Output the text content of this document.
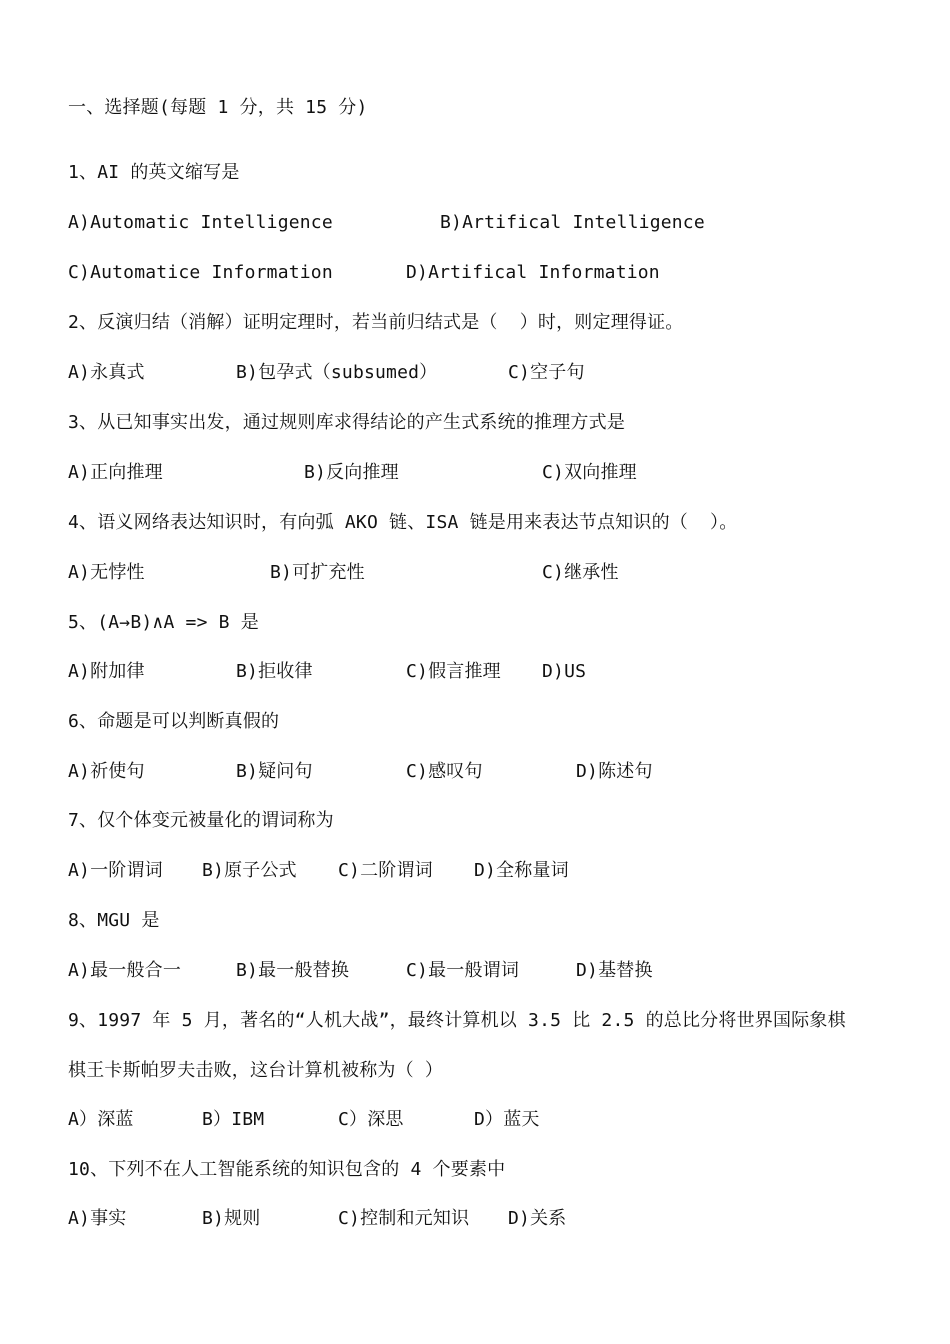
一、选择题(每题 1 分，共 15 分)
1、AI 的英文缩写是
A)Automatic Intelligence	B)Artifical Intelligence
C)Automatice Information	D)Artifical Information
2、反演归结（消解）证明定理时，若当前归结式是（  ）时，则定理得证。
A)永真式	B)包孕式（subsumed）	C)空子句
3、从已知事实出发，通过规则库求得结论的产生式系统的推理方式是
A)正向推理	B)反向推理	C)双向推理
4、语义网络表达知识时，有向弧 AKO 链、ISA 链是用来表达节点知识的（  ）。
A)无悖性	B)可扩充性	C)继承性
5、(A→B)∧A => B 是
A)附加律	B)拒收律	C)假言推理 D)US
6、命题是可以判断真假的
A)祈使句	B)疑问句	C)感叹句	D)陈述句
7、仅个体变元被量化的谓词称为
A)一阶谓词 B)原子公式 C)二阶谓词 D)全称量词
8、MGU 是
A)最一般合一	B)最一般替换	C)最一般谓词	D)基替换
9、1997 年 5 月，著名的“人机大战”，最终计算机以 3.5 比 2.5 的总比分将世界国际象棋
棋王卡斯帕罗夫击败，这台计算机被称为（ ）
A）深蓝	B）IBM	C）深思	D）蓝天
10、下列不在人工智能系统的知识包含的 4 个要素中
A)事实	B)规则	C)控制和元知识 D)关系
